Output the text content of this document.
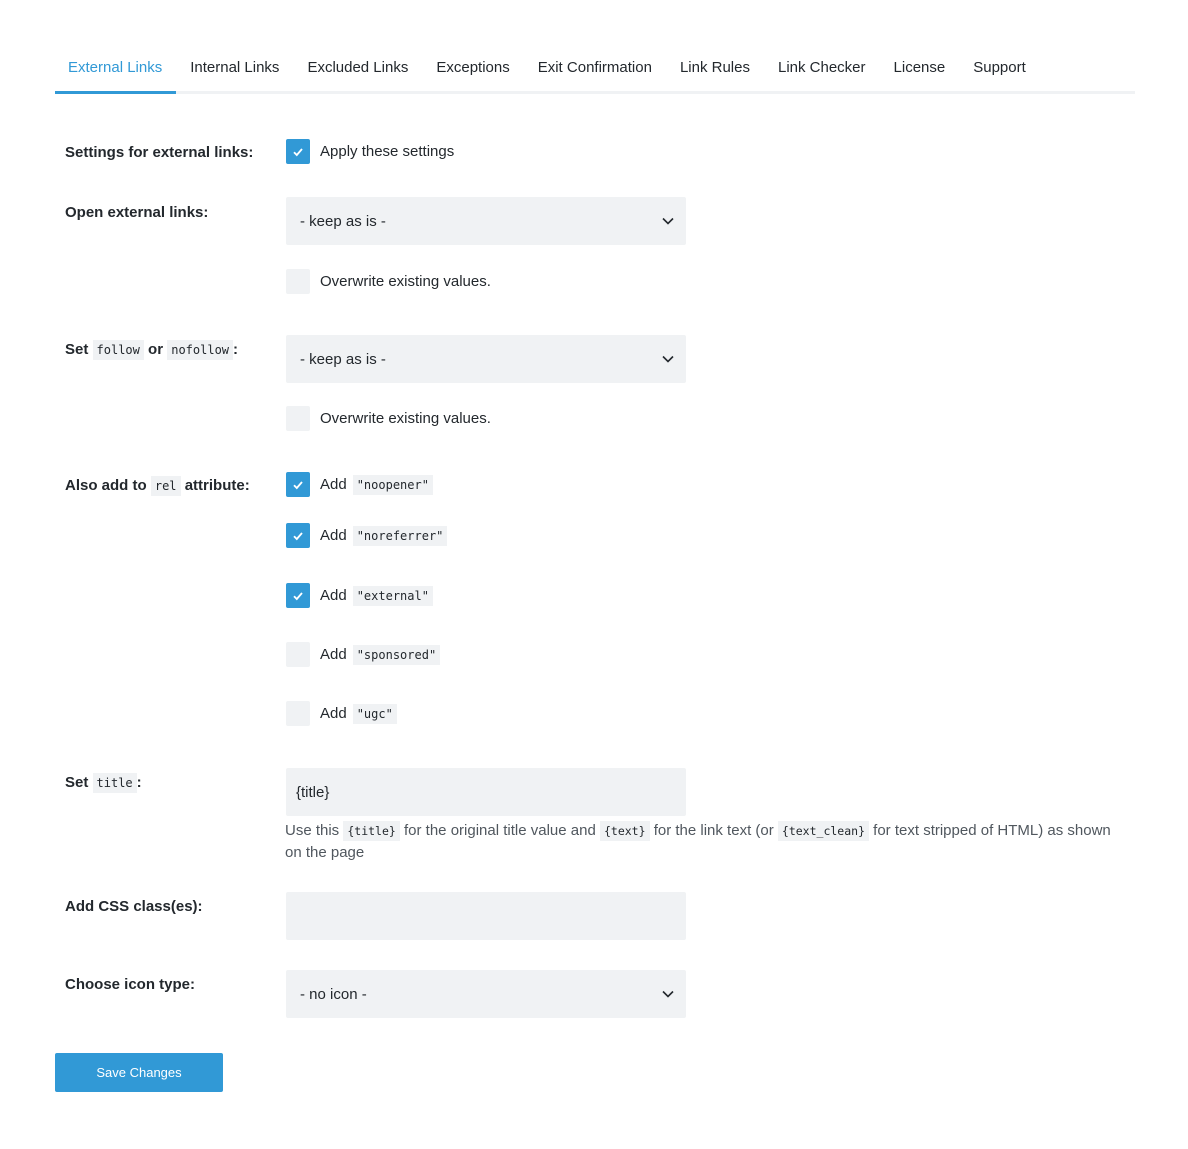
External Links	Internal Links	Excluded Links	Exceptions	Exit Confirmation	Link Rules	Link Checker	License	Support
Settings for external links:	Apply these settings
Open external links:	- keep as is -
Overwrite existing values.
Set follow or nofollow :
- keep as is -
Overwrite existing values.
Also add to rel attribute:	Add "noopener"
Add "noreferrer"
Add "external"
Add "sponsored"
Add "ugc"
Set title :
{title}
Use this {title} for the original title value and {text} for the link text (or {text_clean} for text stripped of HTML) as shown on the page
Add CSS class(es):
Choose icon type:
- no icon -
Save Changes
